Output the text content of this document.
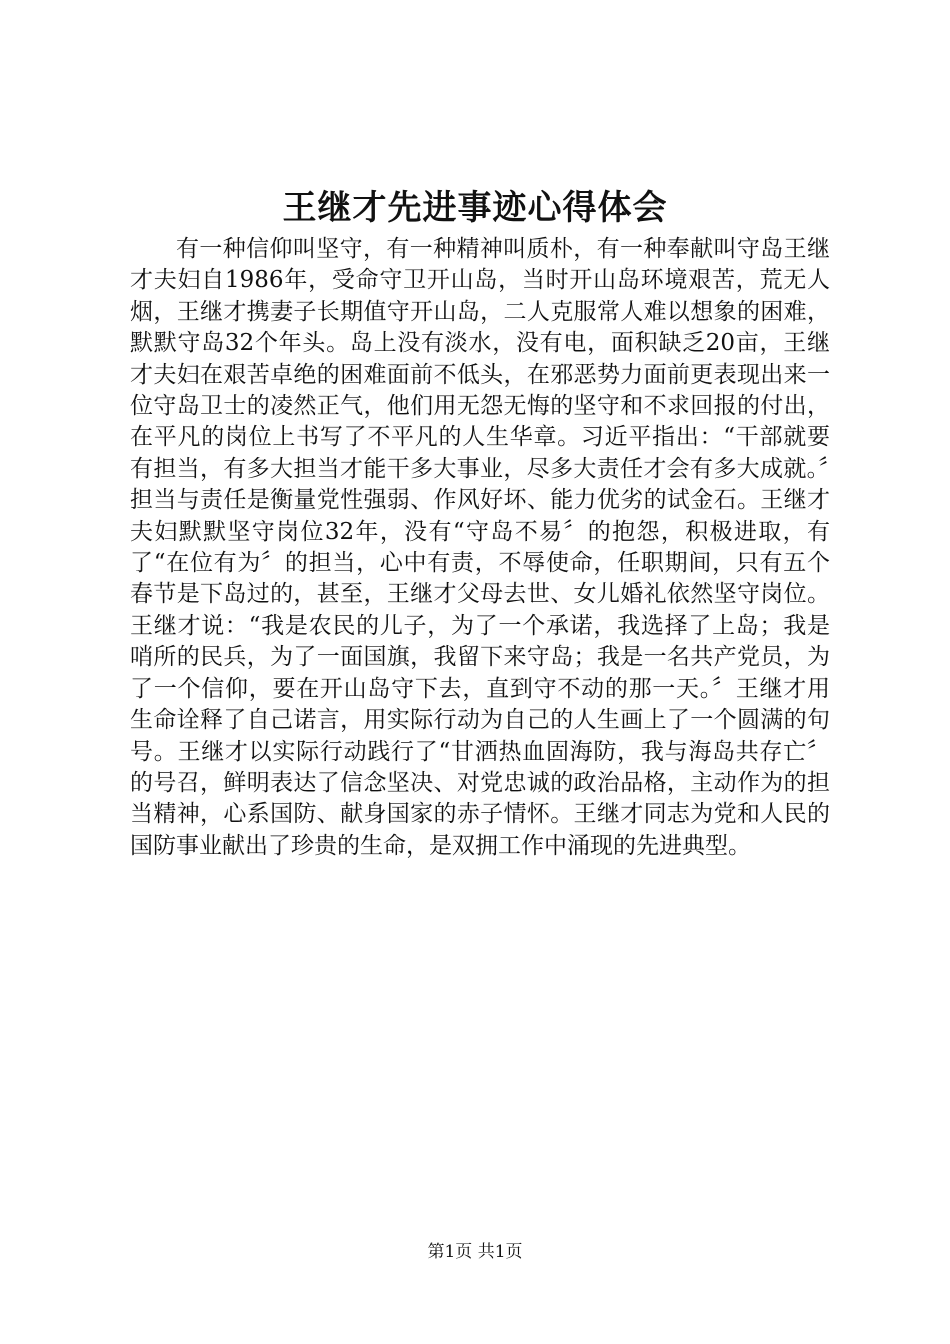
王继才先进事迹心得体会

有一种信仰叫坚守，有一种精神叫质朴，有一种奉献叫守岛王继才夫妇自1986年，受命守卫开山岛，当时开山岛环境艰苦，荒无人烟，王继才携妻子长期值守开山岛，二人克服常人难以想象的困难，默默守岛32个年头。岛上没有淡水，没有电，面积缺乏20亩，王继才夫妇在艰苦卓绝的困难面前不低头，在邪恶势力面前更表现出来一位守岛卫士的凌然正气，他们用无怨无悔的坚守和不求回报的付出，在平凡的岗位上书写了不平凡的人生华章。习近平指出：“干部就要有担当，有多大担当才能干多大事业，尽多大责任才会有多大成就。〞担当与责任是衡量党性强弱、作风好坏、能力优劣的试金石。王继才夫妇默默坚守岗位32年，没有“守岛不易〞的抱怨，积极进取，有了“在位有为〞的担当，心中有责，不辱使命，任职期间，只有五个春节是下岛过的，甚至，王继才父母去世、女儿婚礼依然坚守岗位。王继才说：“我是农民的儿子，为了一个承诺，我选择了上岛；我是哨所的民兵，为了一面国旗，我留下来守岛；我是一名共产党员，为了一个信仰，要在开山岛守下去，直到守不动的那一天。〞王继才用生命诠释了自己诺言，用实际行动为自己的人生画上了一个圆满的句号。王继才以实际行动践行了“甘洒热血固海防，我与海岛共存亡〞的号召，鲜明表达了信念坚决、对党忠诚的政治品格，主动作为的担当精神，心系国防、献身国家的赤子情怀。王继才同志为党和人民的国防事业献出了珍贵的生命，是双拥工作中涌现的先进典型。

第1页 共1页
